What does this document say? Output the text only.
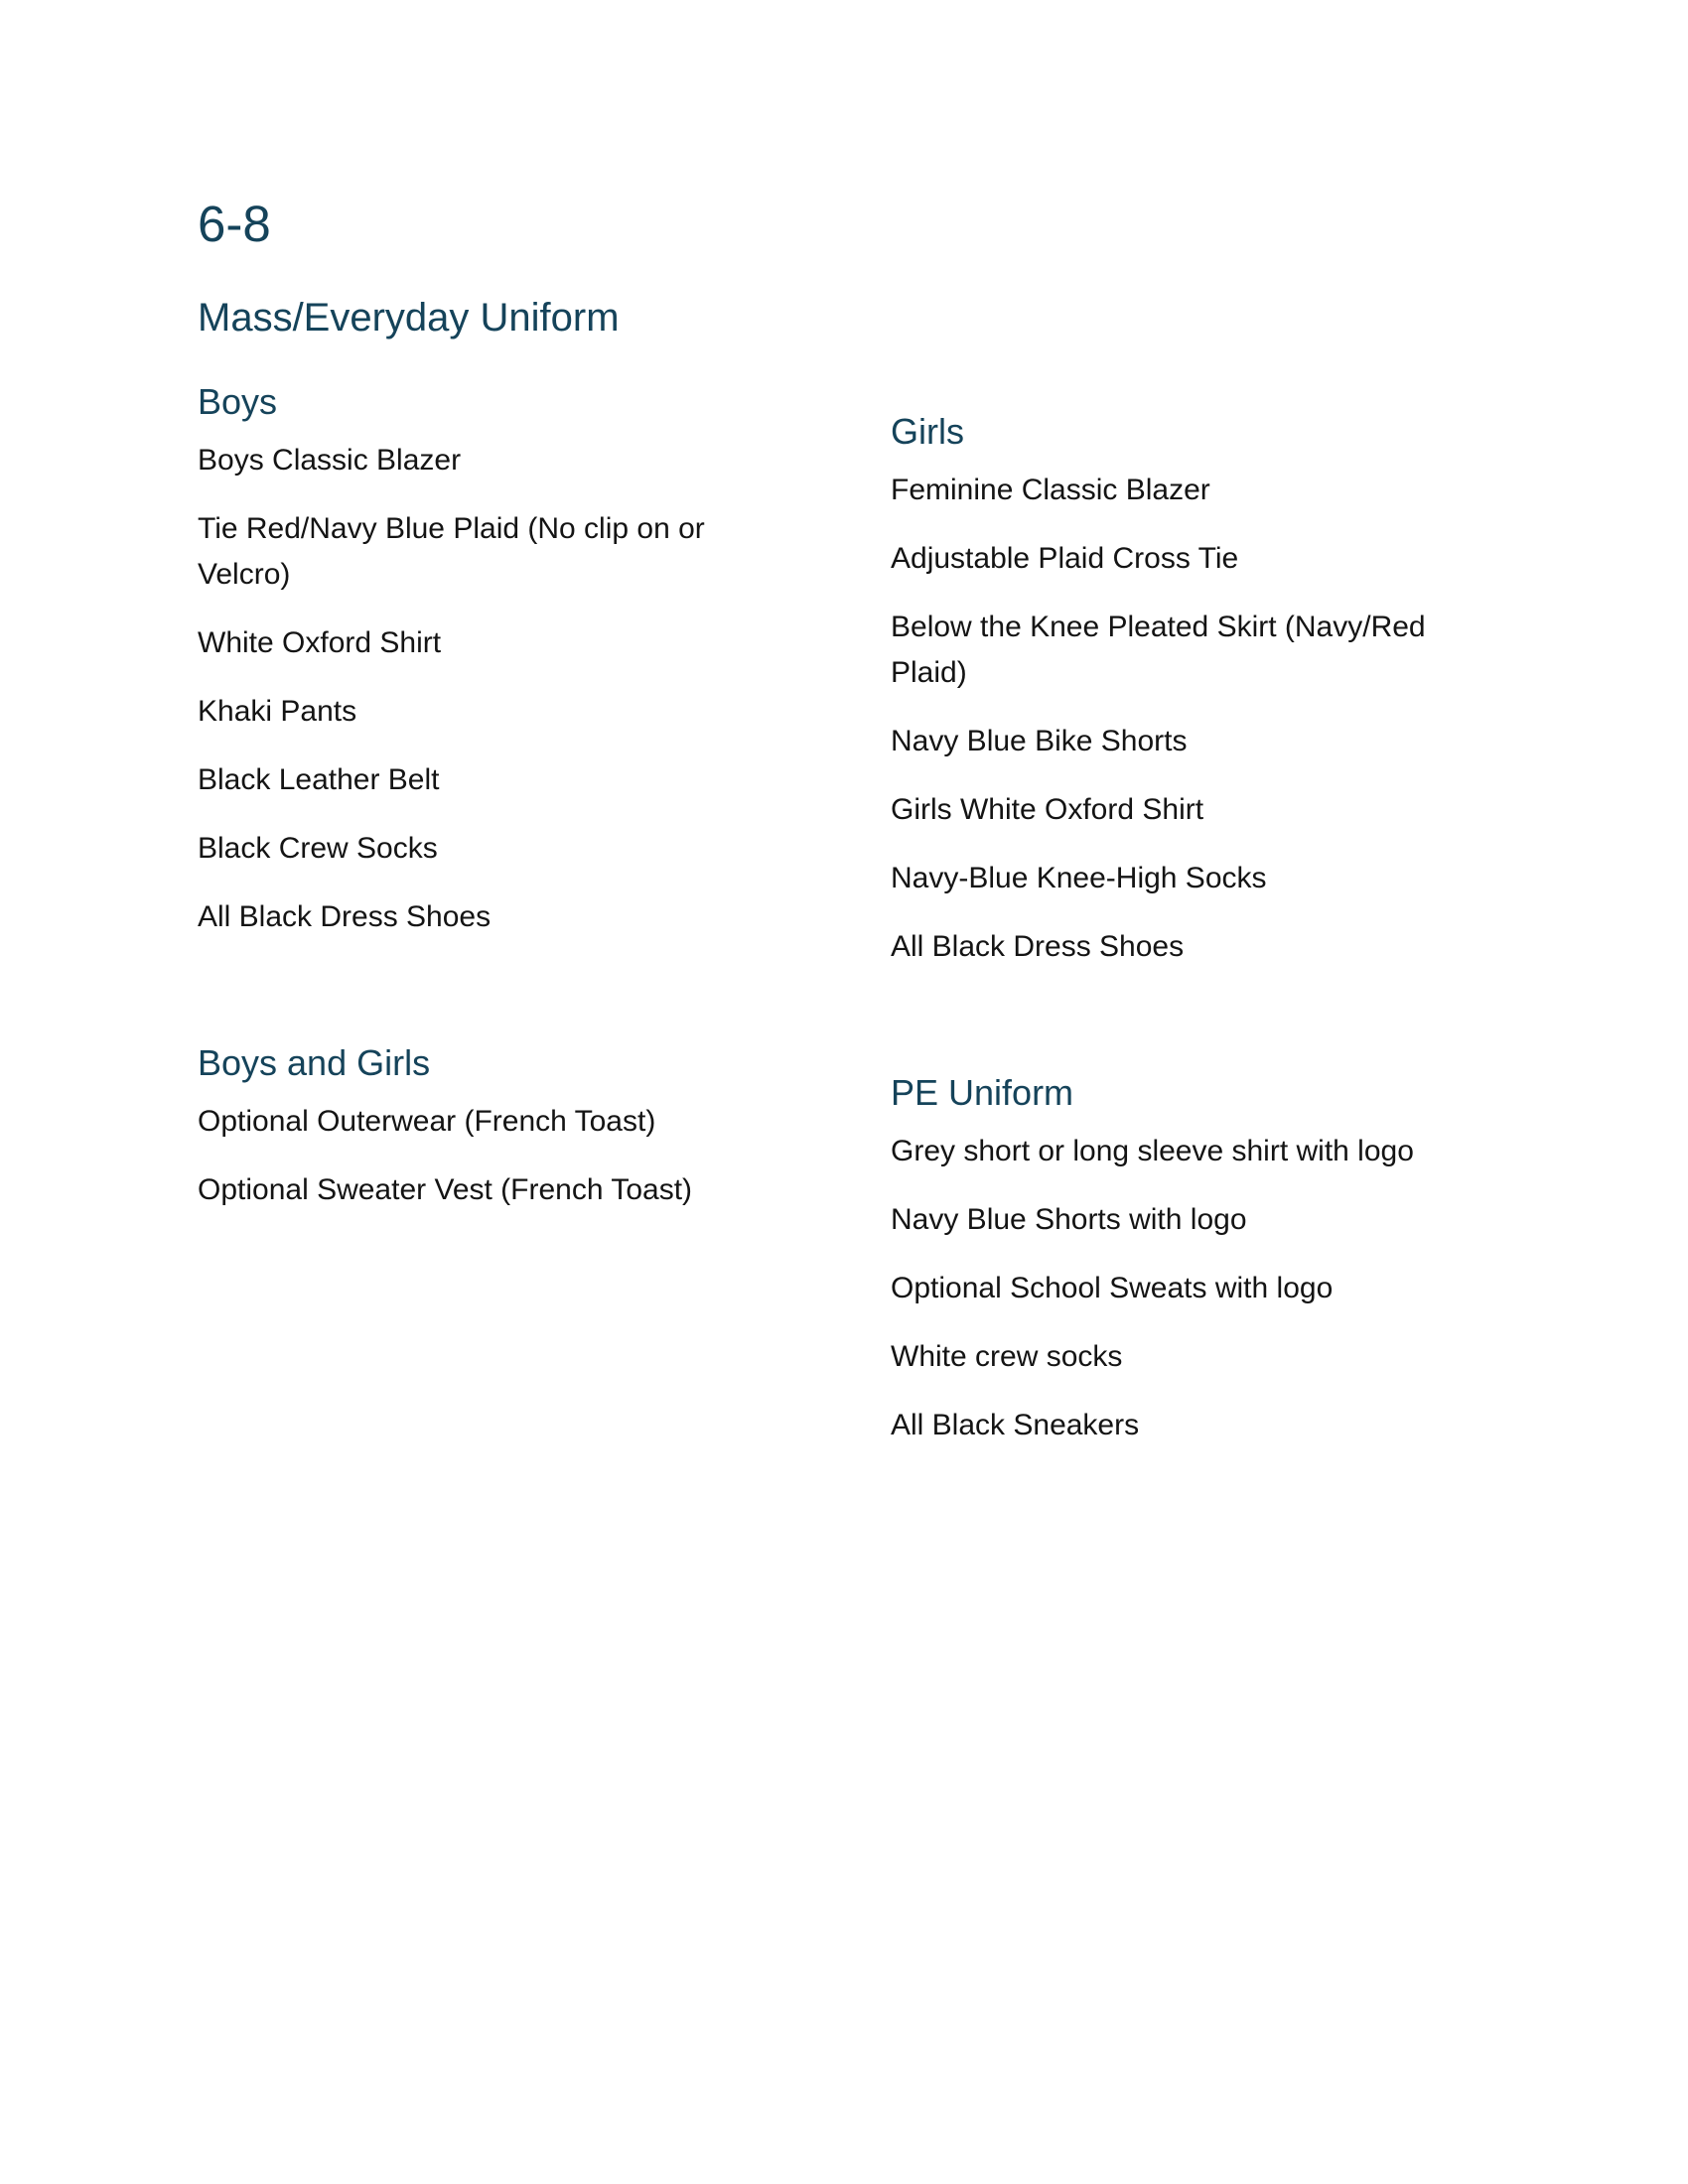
6-8
Mass/Everyday Uniform
Boys
Boys Classic Blazer
Tie Red/Navy Blue Plaid (No clip on or Velcro)
White Oxford Shirt
Khaki Pants
Black Leather Belt
Black Crew Socks
All Black Dress Shoes
Girls
Feminine Classic Blazer
Adjustable Plaid Cross Tie
Below the Knee Pleated Skirt (Navy/Red Plaid)
Navy Blue Bike Shorts
Girls White Oxford Shirt
Navy-Blue Knee-High Socks
All Black Dress Shoes
Boys and Girls
Optional Outerwear (French Toast)
Optional Sweater Vest (French Toast)
PE Uniform
Grey short or long sleeve shirt with logo
Navy Blue Shorts with logo
Optional School Sweats with logo
White crew socks
All Black Sneakers
